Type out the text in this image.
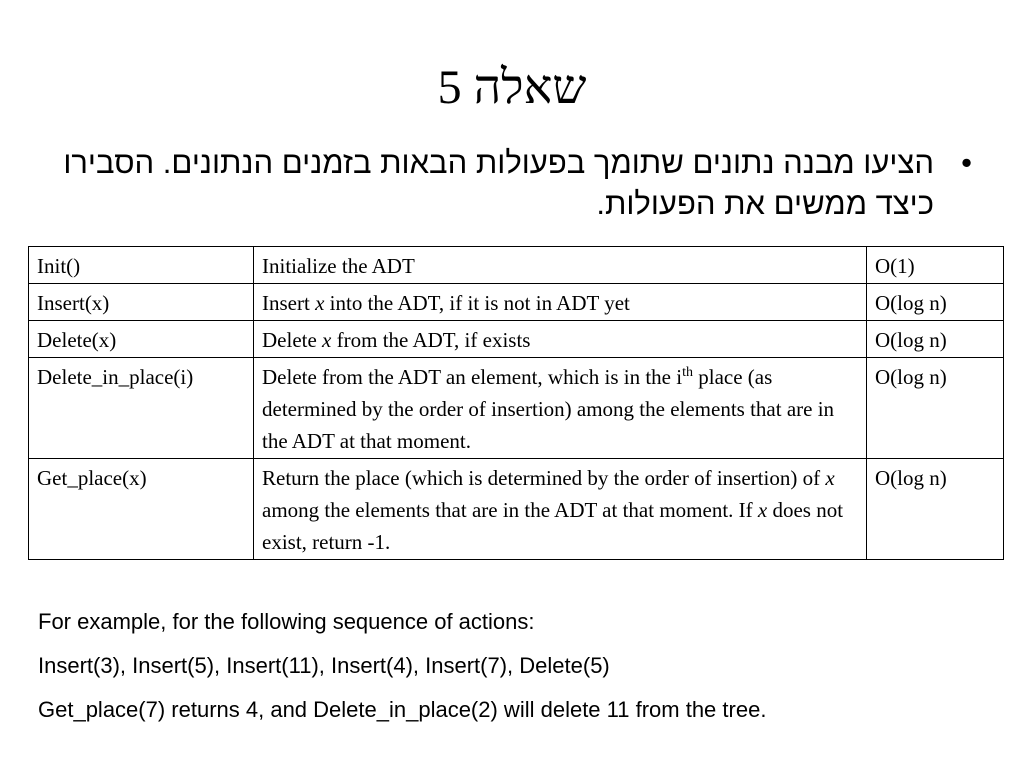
שאלה 5
•
הציעו מבנה נתונים שתומך בפעולות הבאות בזמנים הנתונים. הסבירו כיצד ממשים את הפעולות.
Init()	Initialize the ADT	O(1)
Insert(x)	Insert x into the ADT, if it is not in ADT yet	O(log n)
Delete(x)	Delete x from the ADT, if exists	O(log n)
Delete_in_place(i)	Delete from the ADT an element, which is in the $i^{th}$ place (as determined by the order of insertion) among the elements that are in the ADT at that moment.	O(log n)
Get_place(x)	Return the place (which is determined by the order of insertion) of x among the elements that are in the ADT at that moment. If x does not exist, return -1.	O(log n)

For example, for the following sequence of actions:

Insert(3), Insert(5), Insert(11), Insert(4), Insert(7), Delete(5)

Get_place(7) returns 4, and Delete_in_place(2) will delete 11 from the tree.
